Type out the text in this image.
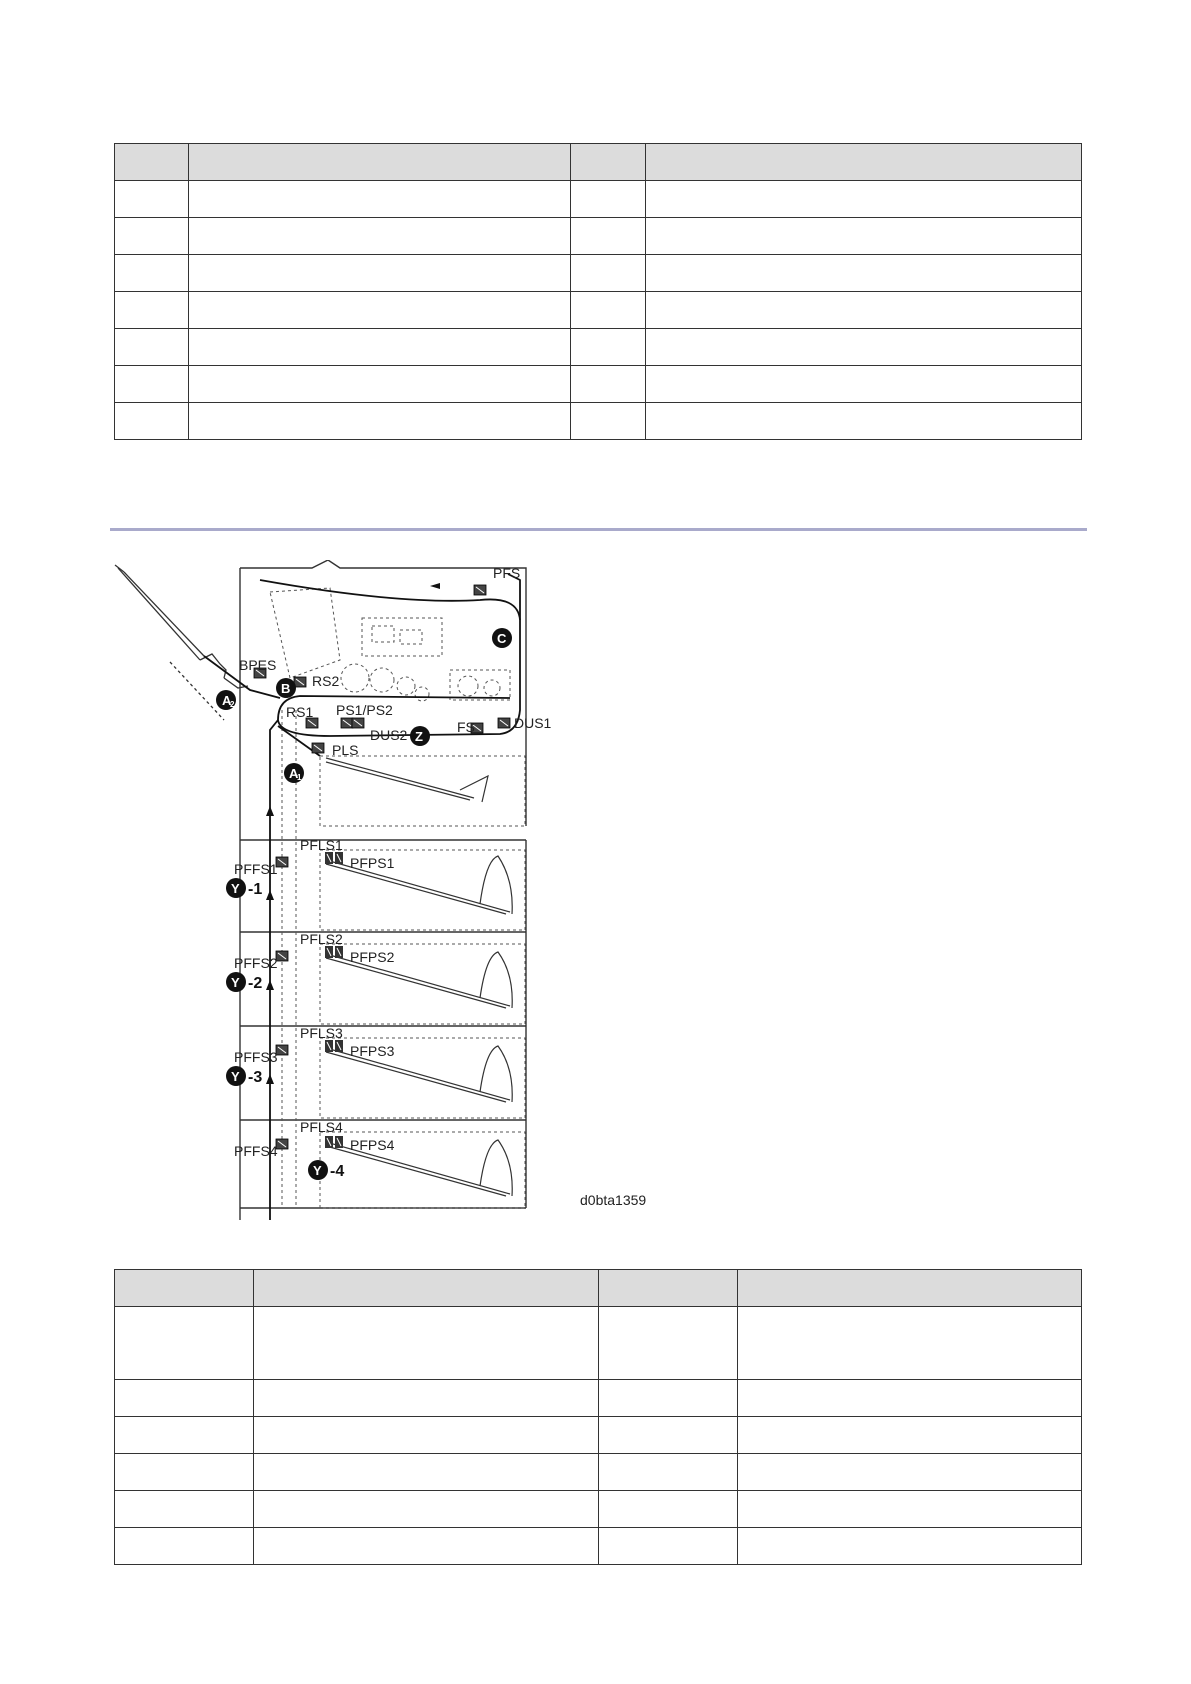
PFS
BPES
RS2
RS1 PS1/PS2
DUS2	FS	DUS1
PLS
PFLS1
PFPS1
PFFS1
PFLS2
PFPS2
PFFS2
PFLS3
PFPS3
PFFS3
PFLS4
PFPS4
PFFS4
d0bta1359
A
2
B
C
Z
A
1
Y -1
Y -2
Y -3
Y -4
